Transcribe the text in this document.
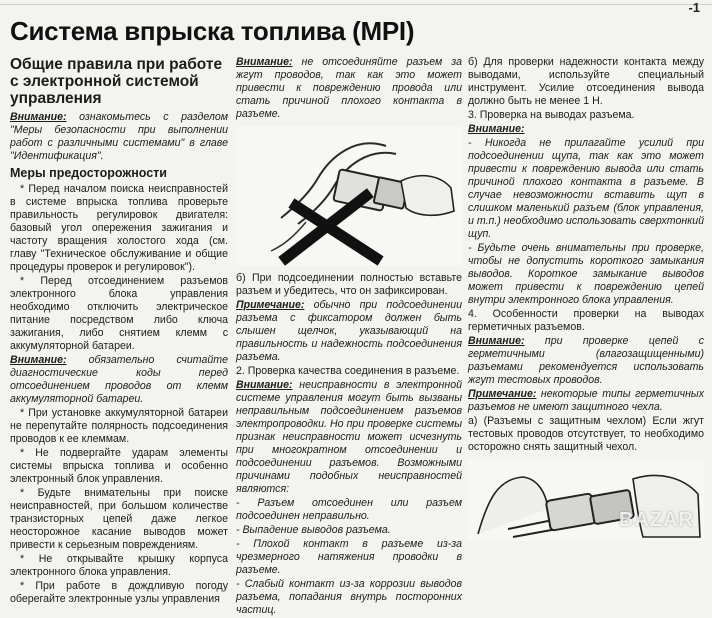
-1
Система впрыска топлива (MPI)
Общие правила при работе с электронной системой управления

Внимание: ознакомьтесь с разделом "Меры безопасности при выполнении работ с различными системами" в главе "Идентификация".

Меры предосторожности

* Перед началом поиска неисправностей в системе впрыска топлива проверьте правильность регулировок двигателя: базовый угол опережения зажигания и частоту вращения холостого хода (см. главу "Техническое обслуживание и общие процедуры проверок и регулировок").

* Перед отсоединением разъемов электронного блока управления необходимо отключить электрическое питание посредством либо ключа зажигания, либо снятием клемм с аккумуляторной батареи.

Внимание: обязательно считайте диагностические коды перед отсоединением проводов от клемм аккумуляторной батареи.

* При установке аккумуляторной батареи не перепутайте полярность подсоединения проводов к ее клеммам.

* Не подвергайте ударам элементы системы впрыска топлива и особенно электронный блок управления.

* Будьте внимательны при поиске неисправностей, при большом количестве транзисторных цепей даже легкое неосторожное касание выводов может привести к серьезным повреждениям.

* Не открывайте крышку корпуса электронного блока управления.

* При работе в дождливую погоду оберегайте электронные узлы управления

Внимание: не отсоединяйте разъем за жгут проводов, так как это может привести к повреждению провода или стать причиной плохого контакта в разъеме.

б) При подсоединении полностью вставьте разъем и убедитесь, что он зафиксирован.

Примечание: обычно при подсоединении разъема с фиксатором должен быть слышен щелчок, указывающий на правильность и надежность подсоединения разъема.

2. Проверка качества соединения в разъеме.

Внимание: неисправности в электронной системе управления могут быть вызваны неправильным подсоединением разъемов электропроводки. Но при проверке системы признак неисправности может исчезнуть при многократном отсоединении и подсоединении разъемов. Возможными причинами подобных неисправностей являются:

- Разъем отсоединен или разъем подсоединен неправильно.

- Выпадение выводов разъема.

- Плохой контакт в разъеме из-за чрезмерного натяжения проводки в разъеме.

- Слабый контакт из-за коррозии выводов разъема, попадания внутрь посторонних частиц.

б) Для проверки надежности контакта между выводами, используйте специальный инструмент. Усилие отсоединения вывода должно быть не менее 1 Н.

3. Проверка на выводах разъема.

Внимание:

- Никогда не прилагайте усилий при подсоединении щупа, так как это может привести к повреждению вывода или стать причиной плохого контакта в разъеме. В случае невозможности вставить щуп в слишком маленький разъем (блок управления, и т.п.) необходимо использовать сверхтонкий щуп.

- Будьте очень внимательны при проверке, чтобы не допустить короткого замыкания выводов. Короткое замыкание выводов может привести к повреждению цепей внутри электронного блока управления.

4. Особенности проверки на выводах герметичных разъемов.

Внимание: при проверке цепей с герметичными (влагозащищенными) разъемами рекомендуется использовать жгут тестовых проводов.

Примечание: некоторые типы герметичных разъемов не имеют защитного чехла.

а) (Разъемы с защитным чехлом) Если жгут тестовых проводов отсутствует, то необходимо осторожно снять защитный чехол.

BAZAR
